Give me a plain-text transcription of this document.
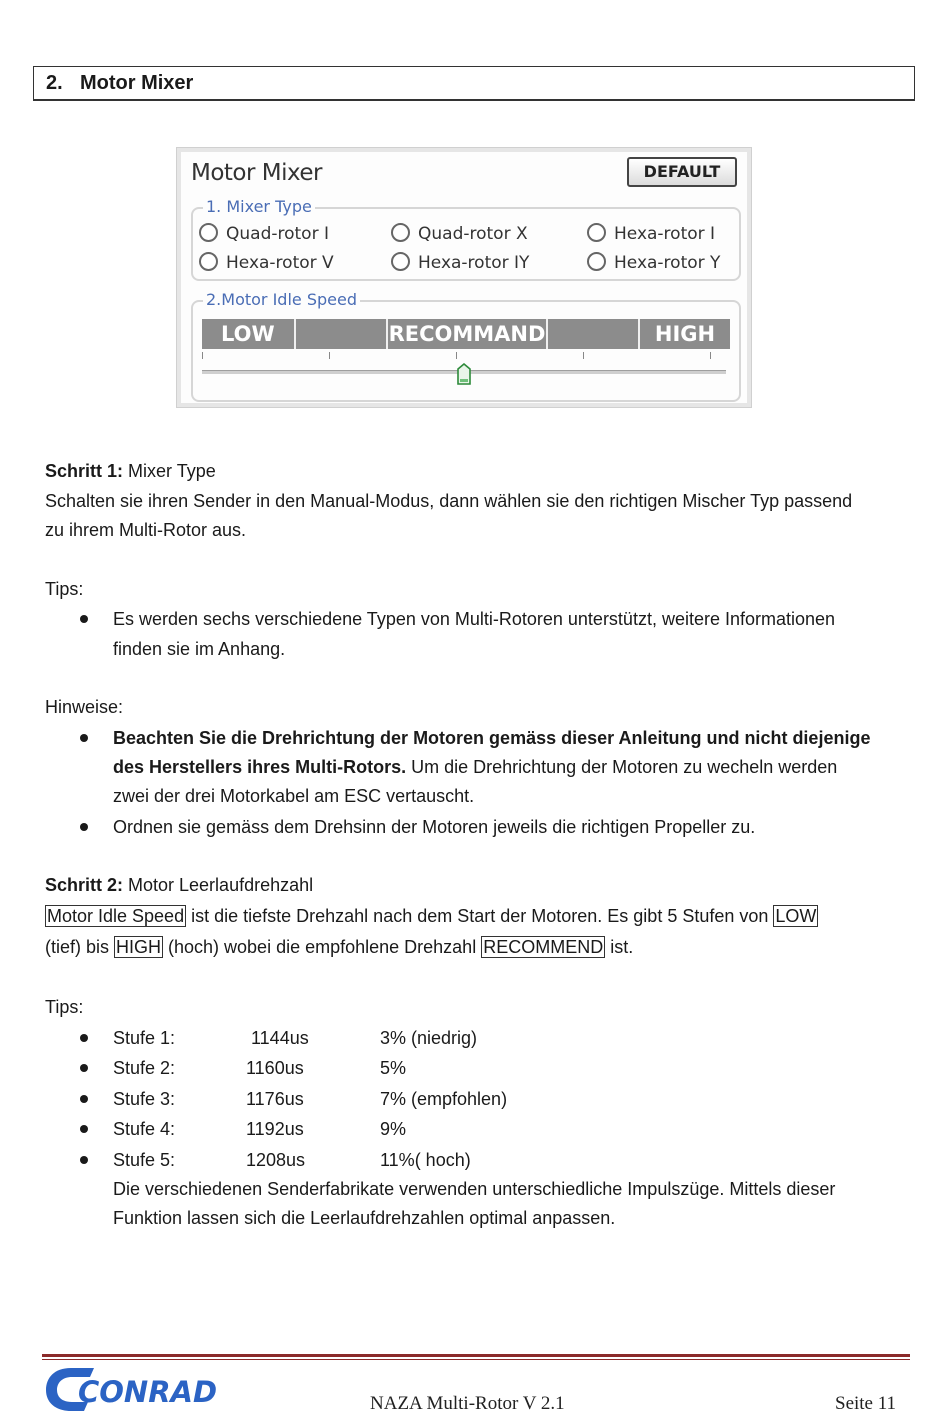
2. Motor Mixer
Motor Mixer	DEFAULT
1. Mixer Type
Quad-rotor I	Quad-rotor X	Hexa-rotor I
Hexa-rotor V	Hexa-rotor IY	Hexa-rotor Y
2.Motor Idle Speed
LOW	RECOMMAND	HIGH
Schritt 1: Mixer Type
Schalten sie ihren Sender in den Manual-Modus, dann wählen sie den richtigen Mischer Typ passend
zu ihrem Multi-Rotor aus.
Tips:
Es werden sechs verschiedene Typen von Multi-Rotoren unterstützt, weitere Informationen
finden sie im Anhang.
Hinweise:
Beachten Sie die Drehrichtung der Motoren gemäss dieser Anleitung und nicht diejenige
des Herstellers ihres Multi-Rotors. Um die Drehrichtung der Motoren zu wecheln werden
zwei der drei Motorkabel am ESC vertauscht.
Ordnen sie gemäss dem Drehsinn der Motoren jeweils die richtigen Propeller zu.
Schritt 2: Motor Leerlaufdrehzahl
Motor Idle Speed ist die tiefste Drehzahl nach dem Start der Motoren. Es gibt 5 Stufen von LOW
(tief) bis HIGH (hoch) wobei die empfohlene Drehzahl RECOMMEND ist.
Tips:
Stufe 1:	1144us	3% (niedrig)
Stufe 2:	1160us	5%
Stufe 3:	1176us	7% (empfohlen)
Stufe 4:	1192us	9%
Stufe 5:	1208us	11%( hoch)
Die verschiedenen Senderfabrikate verwenden unterschiedliche Impulszüge. Mittels dieser
Funktion lassen sich die Leerlaufdrehzahlen optimal anpassen.
CONRAD	NAZA Multi-Rotor V 2.1	Seite 11
